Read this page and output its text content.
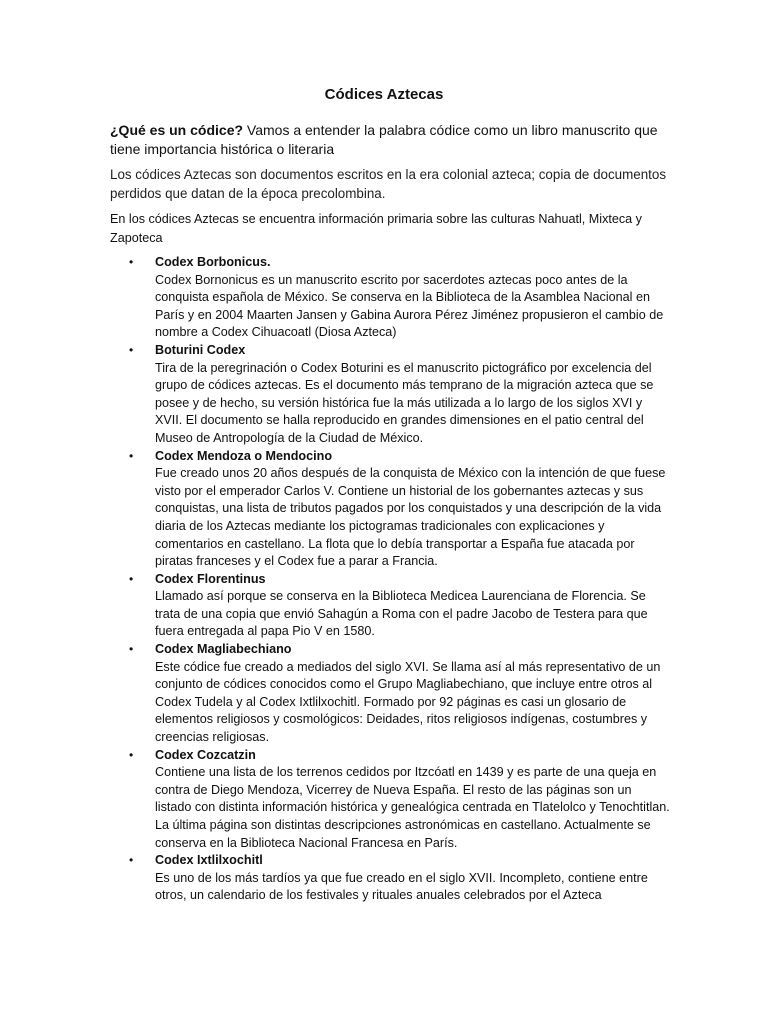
Códices Aztecas
¿Qué es un códice? Vamos a entender la palabra códice como un libro manuscrito que tiene importancia histórica o literaria
Los códices Aztecas son documentos escritos en la era colonial azteca; copia de documentos perdidos que datan de la época precolombina.
En los códices Aztecas se encuentra información primaria sobre las culturas Nahuatl, Mixteca y Zapoteca
• Codex Borbonicus.
Codex Bornonicus es un manuscrito escrito por sacerdotes aztecas poco antes de la conquista española de México. Se conserva en la Biblioteca de la Asamblea Nacional en París y en 2004 Maarten Jansen y Gabina Aurora Pérez Jiménez propusieron el cambio de nombre a Codex Cihuacoatl (Diosa Azteca)
• Boturini Codex
Tira de la peregrinación o Codex Boturini es el manuscrito pictográfico por excelencia del grupo de códices aztecas. Es el documento más temprano de la migración azteca que se posee y de hecho, su versión histórica fue la más utilizada a lo largo de los siglos XVI y XVII. El documento se halla reproducido en grandes dimensiones en el patio central del Museo de Antropología de la Ciudad de México.
• Codex Mendoza o Mendocino
Fue creado unos 20 años después de la conquista de México con la intención de que fuese visto por el emperador Carlos V. Contiene un historial de los gobernantes aztecas y sus conquistas, una lista de tributos pagados por los conquistados y una descripción de la vida diaria de los Aztecas mediante los pictogramas tradicionales con explicaciones y comentarios en castellano. La flota que lo debía transportar a España fue atacada por piratas franceses y el Codex fue a parar a Francia.
• Codex Florentinus
Llamado así porque se conserva en la Biblioteca Medicea Laurenciana de Florencia. Se trata de una copia que envió Sahagún a Roma con el padre Jacobo de Testera para que fuera entregada al papa Pio V en 1580.
• Codex Magliabechiano
Este códice fue creado a mediados del siglo XVI. Se llama así al más representativo de un conjunto de códices conocidos como el Grupo Magliabechiano, que incluye entre otros al Codex Tudela y al Codex Ixtlilxochitl. Formado por 92 páginas es casi un glosario de elementos religiosos y cosmológicos: Deidades, ritos religiosos indígenas, costumbres y creencias religiosas.
• Codex Cozcatzin
Contiene una lista de los terrenos cedidos por Itzcóatl en 1439 y es parte de una queja en contra de Diego Mendoza, Vicerrey de Nueva España. El resto de las páginas son un listado con distinta información histórica y genealógica centrada en Tlatelolco y Tenochtitlan. La última página son distintas descripciones astronómicas en castellano. Actualmente se conserva en la Biblioteca Nacional Francesa en París.
• Codex Ixtlilxochitl
Es uno de los más tardíos ya que fue creado en el siglo XVII. Incompleto, contiene entre otros, un calendario de los festivales y rituales anuales celebrados por el Azteca
